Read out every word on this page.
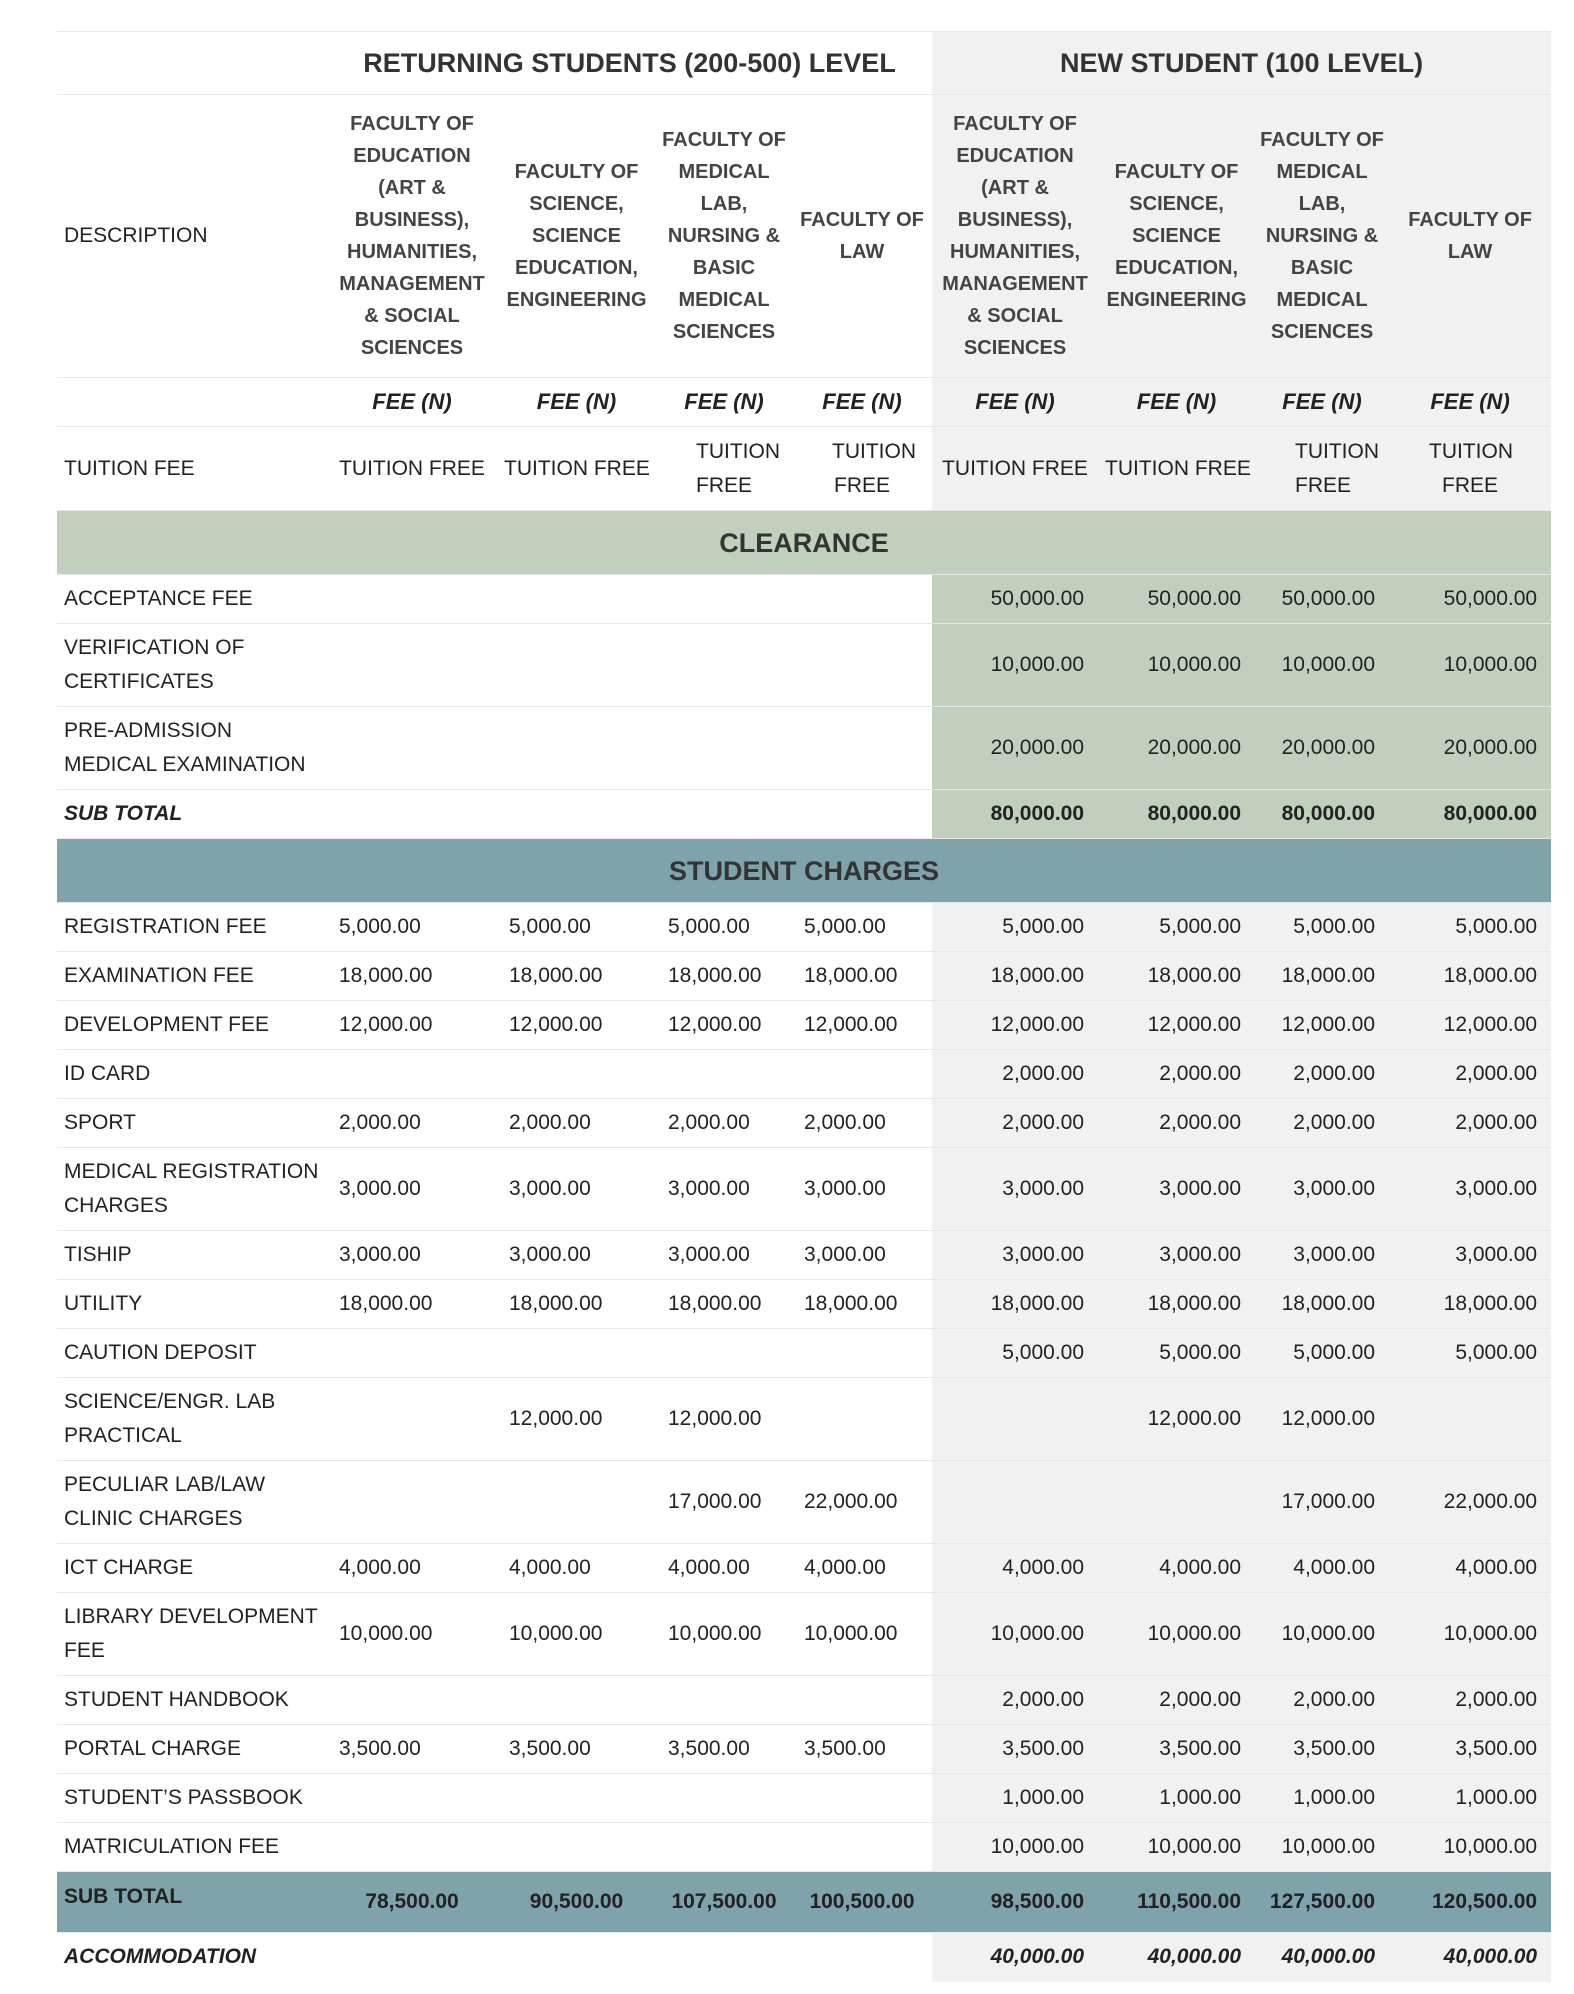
	RETURNING STUDENTS (200-500) LEVEL				NEW STUDENT (100 LEVEL)			
DESCRIPTION	FACULTY OF EDUCATION (ART & BUSINESS), HUMANITIES, MANAGEMENT & SOCIAL SCIENCES	FACULTY OF SCIENCE, SCIENCE EDUCATION, ENGINEERING	FACULTY OF MEDICAL LAB, NURSING & BASIC MEDICAL SCIENCES	FACULTY OF LAW	FACULTY OF EDUCATION (ART & BUSINESS), HUMANITIES, MANAGEMENT & SOCIAL SCIENCES	FACULTY OF SCIENCE, SCIENCE EDUCATION, ENGINEERING	FACULTY OF MEDICAL LAB, NURSING & BASIC MEDICAL SCIENCES	FACULTY OF LAW
	FEE (N)	FEE (N)	FEE (N)	FEE (N)	FEE (N)	FEE (N)	FEE (N)	FEE (N)
TUITION FEE	TUITION FREE	TUITION FREE	TUITION FREE	TUITION FREE	TUITION FREE	TUITION FREE	TUITION FREE	TUITION FREE
CLEARANCE								
ACCEPTANCE FEE					50,000.00	50,000.00	50,000.00	50,000.00
VERIFICATION OF CERTIFICATES					10,000.00	10,000.00	10,000.00	10,000.00
PRE-ADMISSION MEDICAL EXAMINATION					20,000.00	20,000.00	20,000.00	20,000.00
SUB TOTAL					80,000.00	80,000.00	80,000.00	80,000.00
STUDENT CHARGES								
REGISTRATION FEE	5,000.00	5,000.00	5,000.00	5,000.00	5,000.00	5,000.00	5,000.00	5,000.00
EXAMINATION FEE	18,000.00	18,000.00	18,000.00	18,000.00	18,000.00	18,000.00	18,000.00	18,000.00
DEVELOPMENT FEE	12,000.00	12,000.00	12,000.00	12,000.00	12,000.00	12,000.00	12,000.00	12,000.00
ID CARD					2,000.00	2,000.00	2,000.00	2,000.00
SPORT	2,000.00	2,000.00	2,000.00	2,000.00	2,000.00	2,000.00	2,000.00	2,000.00
MEDICAL REGISTRATION CHARGES	3,000.00	3,000.00	3,000.00	3,000.00	3,000.00	3,000.00	3,000.00	3,000.00
TISHIP	3,000.00	3,000.00	3,000.00	3,000.00	3,000.00	3,000.00	3,000.00	3,000.00
UTILITY	18,000.00	18,000.00	18,000.00	18,000.00	18,000.00	18,000.00	18,000.00	18,000.00
CAUTION DEPOSIT					5,000.00	5,000.00	5,000.00	5,000.00
SCIENCE/ENGR. LAB PRACTICAL		12,000.00	12,000.00			12,000.00	12,000.00	
PECULIAR LAB/LAW CLINIC CHARGES			17,000.00	22,000.00			17,000.00	22,000.00
ICT CHARGE	4,000.00	4,000.00	4,000.00	4,000.00	4,000.00	4,000.00	4,000.00	4,000.00
LIBRARY DEVELOPMENT FEE	10,000.00	10,000.00	10,000.00	10,000.00	10,000.00	10,000.00	10,000.00	10,000.00
STUDENT HANDBOOK					2,000.00	2,000.00	2,000.00	2,000.00
PORTAL CHARGE	3,500.00	3,500.00	3,500.00	3,500.00	3,500.00	3,500.00	3,500.00	3,500.00
STUDENT’S PASSBOOK					1,000.00	1,000.00	1,000.00	1,000.00
MATRICULATION FEE					10,000.00	10,000.00	10,000.00	10,000.00
SUB TOTAL	78,500.00	90,500.00	107,500.00	100,500.00	98,500.00	110,500.00	127,500.00	120,500.00
ACCOMMODATION					40,000.00	40,000.00	40,000.00	40,000.00
